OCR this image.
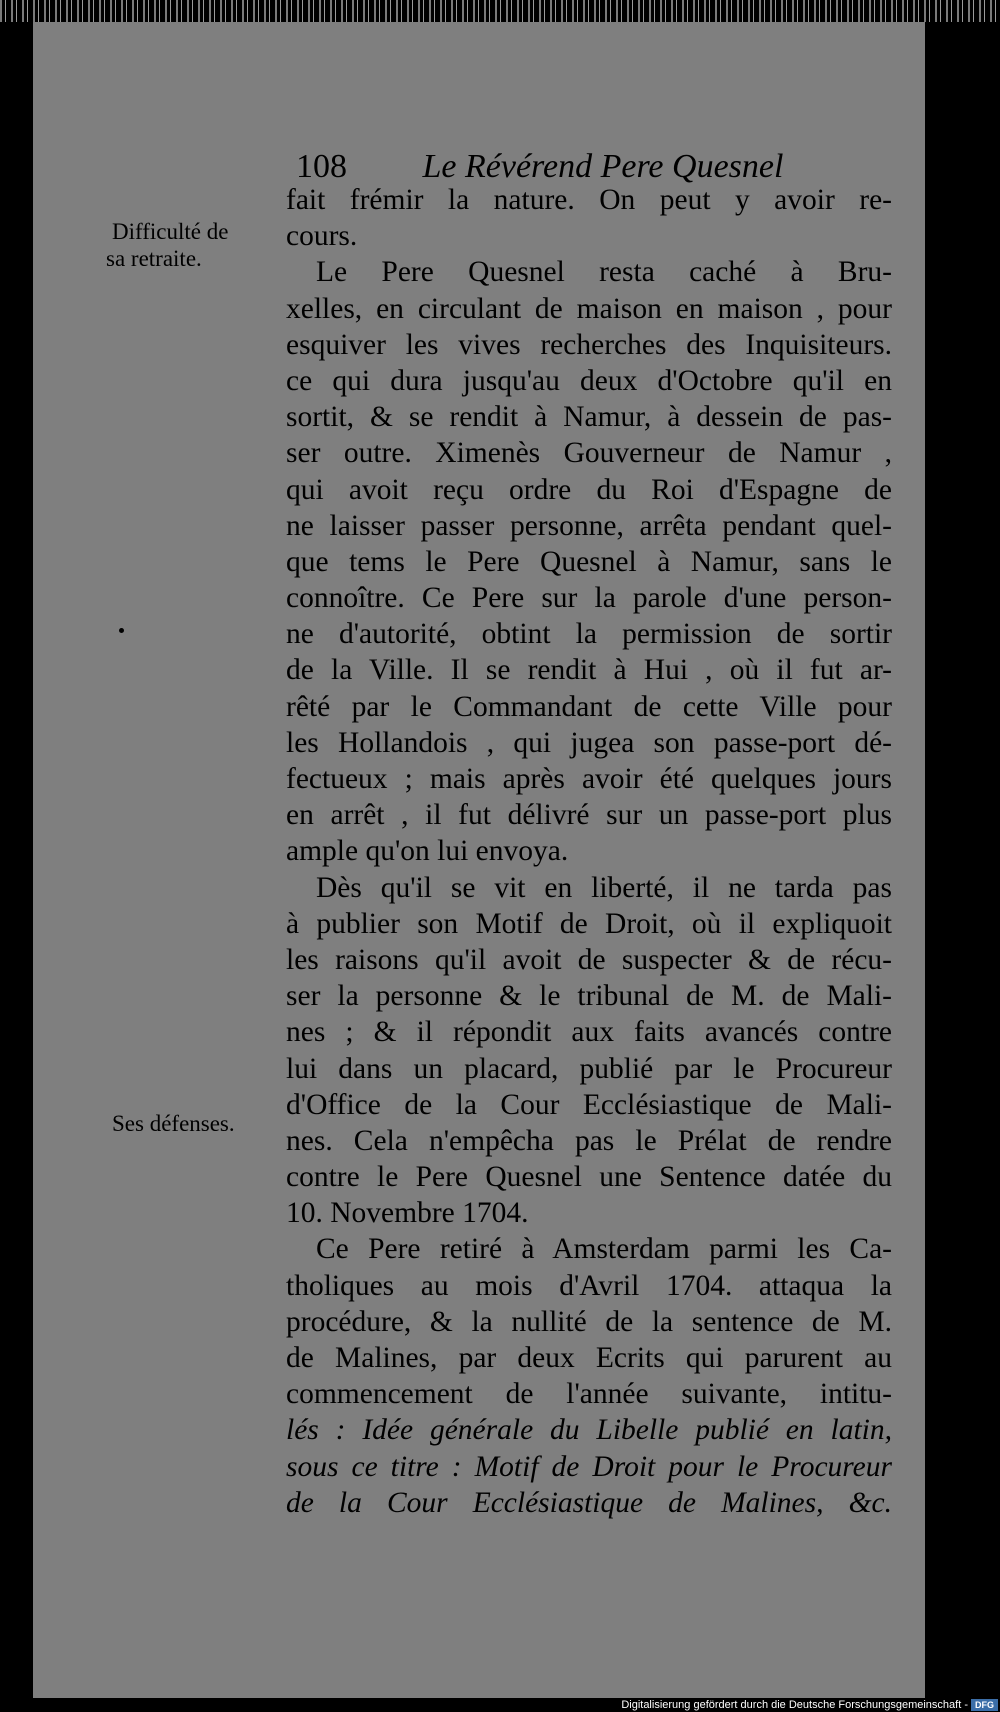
108 Le Révérend Pere Quesnel
Difficulté de
sa retraite.
Ses défenses.
fait frémir la nature. On peut y avoir re-
cours.
Le Pere Quesnel resta caché à Bru-
xelles, en circulant de maison en maison , pour
esquiver les vives recherches des Inquisiteurs.
ce qui dura jusqu'au deux d'Octobre qu'il en
sortit, & se rendit à Namur, à dessein de pas-
ser outre. Ximenès Gouverneur de Namur ,
qui avoit reçu ordre du Roi d'Espagne de
ne laisser passer personne, arrêta pendant quel-
que tems le Pere Quesnel à Namur, sans le
connoître. Ce Pere sur la parole d'une person-
ne d'autorité, obtint la permission de sortir
de la Ville. Il se rendit à Hui , où il fut ar-
rêté par le Commandant de cette Ville pour
les Hollandois , qui jugea son passe-port dé-
fectueux ; mais après avoir été quelques jours
en arrêt , il fut délivré sur un passe-port plus
ample qu'on lui envoya.
Dès qu'il se vit en liberté, il ne tarda pas
à publier son Motif de Droit, où il expliquoit
les raisons qu'il avoit de suspecter & de récu-
ser la personne & le tribunal de M. de Mali-
nes ; & il répondit aux faits avancés contre
lui dans un placard, publié par le Procureur
d'Office de la Cour Ecclésiastique de Mali-
nes. Cela n'empêcha pas le Prélat de rendre
contre le Pere Quesnel une Sentence datée du
10. Novembre 1704.
Ce Pere retiré à Amsterdam parmi les Ca-
tholiques au mois d'Avril 1704. attaqua la
procédure, & la nullité de la sentence de M.
de Malines, par deux Ecrits qui parurent au
commencement de l'année suivante, intitu-
lés : Idée générale du Libelle publié en latin,
sous ce titre : Motif de Droit pour le Procureur
de la Cour Ecclésiastique de Malines, &c.
Digitalisierung gefördert durch die Deutsche Forschungsgemeinschaft - DFG
